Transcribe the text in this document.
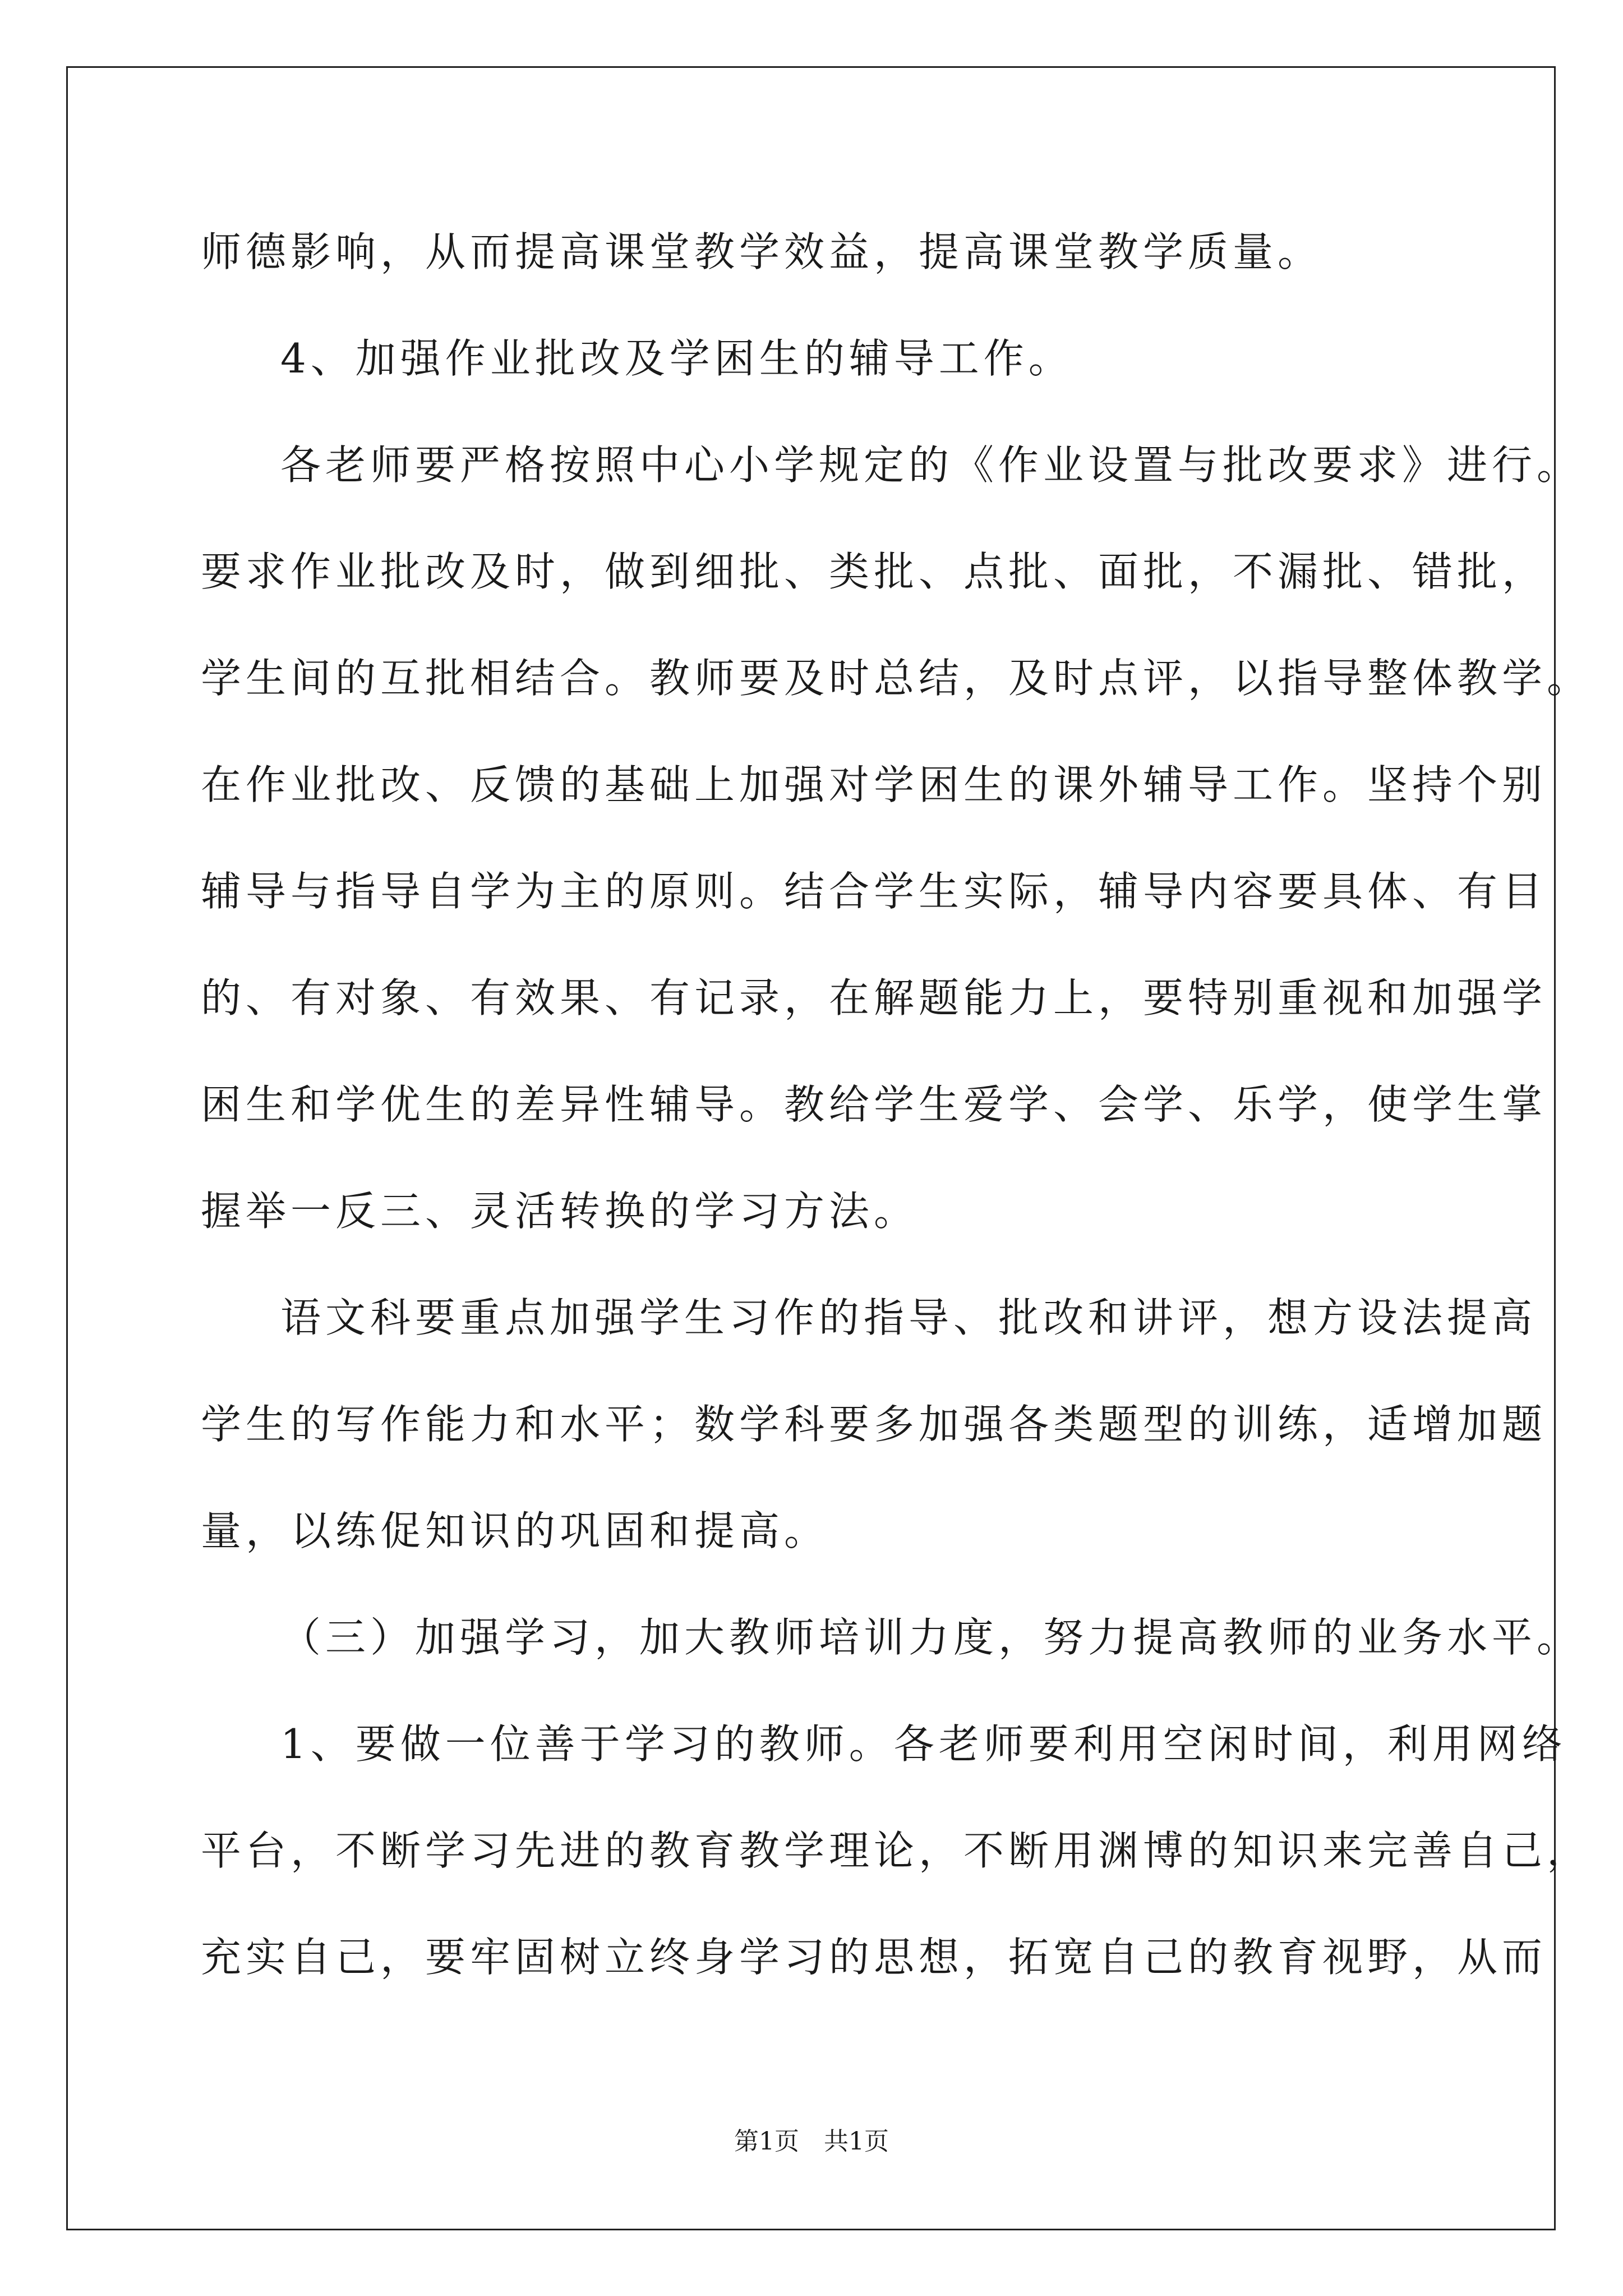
师德影响，从而提高课堂教学效益，提高课堂教学质量。
4、加强作业批改及学困生的辅导工作。
各老师要严格按照中心小学规定的《作业设置与批改要求》进行。
要求作业批改及时，做到细批、类批、点批、面批，不漏批、错批，
学生间的互批相结合。教师要及时总结，及时点评，以指导整体教学。
在作业批改、反馈的基础上加强对学困生的课外辅导工作。坚持个别
辅导与指导自学为主的原则。结合学生实际，辅导内容要具体、有目
的、有对象、有效果、有记录，在解题能力上，要特别重视和加强学
困生和学优生的差异性辅导。教给学生爱学、会学、乐学，使学生掌
握举一反三、灵活转换的学习方法。
语文科要重点加强学生习作的指导、批改和讲评，想方设法提高
学生的写作能力和水平；数学科要多加强各类题型的训练，适增加题
量，以练促知识的巩固和提高。
（三）加强学习，加大教师培训力度，努力提高教师的业务水平。
1、要做一位善于学习的教师。各老师要利用空闲时间，利用网络
平台，不断学习先进的教育教学理论，不断用渊博的知识来完善自己，
充实自己，要牢固树立终身学习的思想，拓宽自己的教育视野，从而
第1页　共1页
